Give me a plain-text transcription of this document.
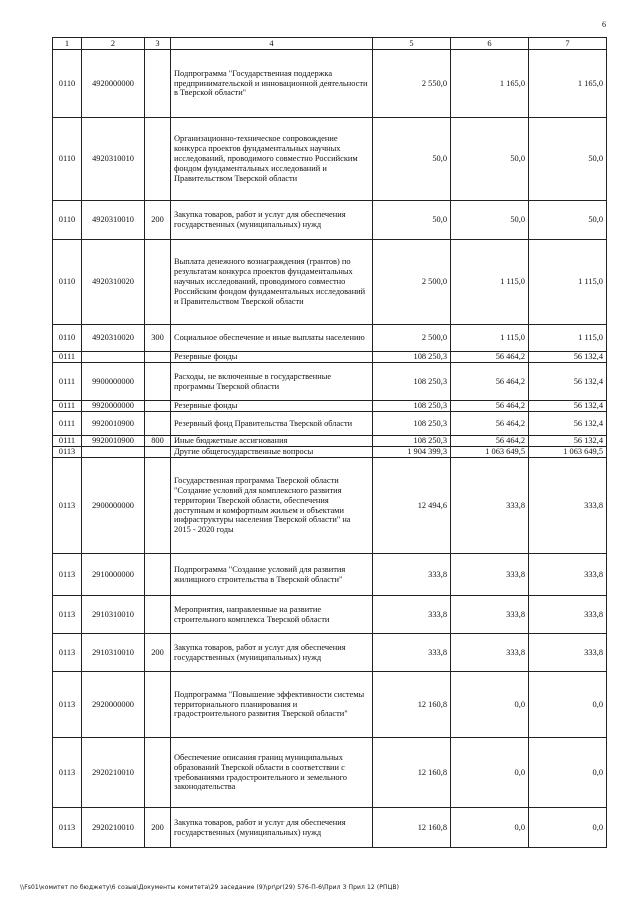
6
1	2	3	4	5	6	7
0110	4920000000		Подпрограмма "Государственная поддержка предпринимательской и инновационной деятельности в Тверской области"	2 550,0	1 165,0	1 165,0
0110	4920310010		Организационно-техническое сопровождение конкурса проектов фундаментальных научных исследований, проводимого совместно Российским фондом фундаментальных исследований и Правительством Тверской области	50,0	50,0	50,0
0110	4920310010	200	Закупка товаров, работ и услуг для обеспечения государственных (муниципальных) нужд	50,0	50,0	50,0
0110	4920310020		Выплата денежного вознаграждения (грантов) по результатам конкурса проектов фундаментальных научных исследований, проводимого совместно Российским фондом фундаментальных исследований и Правительством Тверской области	2 500,0	1 115,0	1 115,0
0110	4920310020	300	Социальное обеспечение и иные выплаты населению	2 500,0	1 115,0	1 115,0
0111			Резервные фонды	108 250,3	56 464,2	56 132,4
0111	9900000000		Расходы, не включенные в государственные программы Тверской области	108 250,3	56 464,2	56 132,4
0111	9920000000		Резервные фонды	108 250,3	56 464,2	56 132,4
0111	9920010900		Резервный фонд Правительства Тверской области	108 250,3	56 464,2	56 132,4
0111	9920010900	800	Иные бюджетные ассигнования	108 250,3	56 464,2	56 132,4
0113			Другие общегосударственные вопросы	1 904 399,3	1 063 649,5	1 063 649,5
0113	2900000000		Государственная программа Тверской области "Создание условий для комплексного развития территории Тверской области, обеспечения доступным и комфортным жильем и объектами инфраструктуры населения Тверской области" на 2015 - 2020 годы	12 494,6	333,8	333,8
0113	2910000000		Подпрограмма "Создание условий для развития жилищного строительства в Тверской области"	333,8	333,8	333,8
0113	2910310010		Мероприятия, направленные на развитие строительного комплекса Тверской области	333,8	333,8	333,8
0113	2910310010	200	Закупка товаров, работ и услуг для обеспечения государственных (муниципальных) нужд	333,8	333,8	333,8
0113	2920000000		Подпрограмма "Повышение эффективности системы территориального планирования и градостроительного развития Тверской области"	12 160,8	0,0	0,0
0113	2920210010		Обеспечение описания границ муниципальных образований Тверской области в соответствии с требованиями градостроительного и земельного законодательства	12 160,8	0,0	0,0
0113	2920210010	200	Закупка товаров, работ и услуг для обеспечения государственных (муниципальных) нужд	12 160,8	0,0	0,0
\\Fs01\комитет по бюджету\6 созыв\Документы комитета\29 заседание (9)\pr\pr(29) 576-П-6\Прил 3 Прил 12 (РПЦВ)
